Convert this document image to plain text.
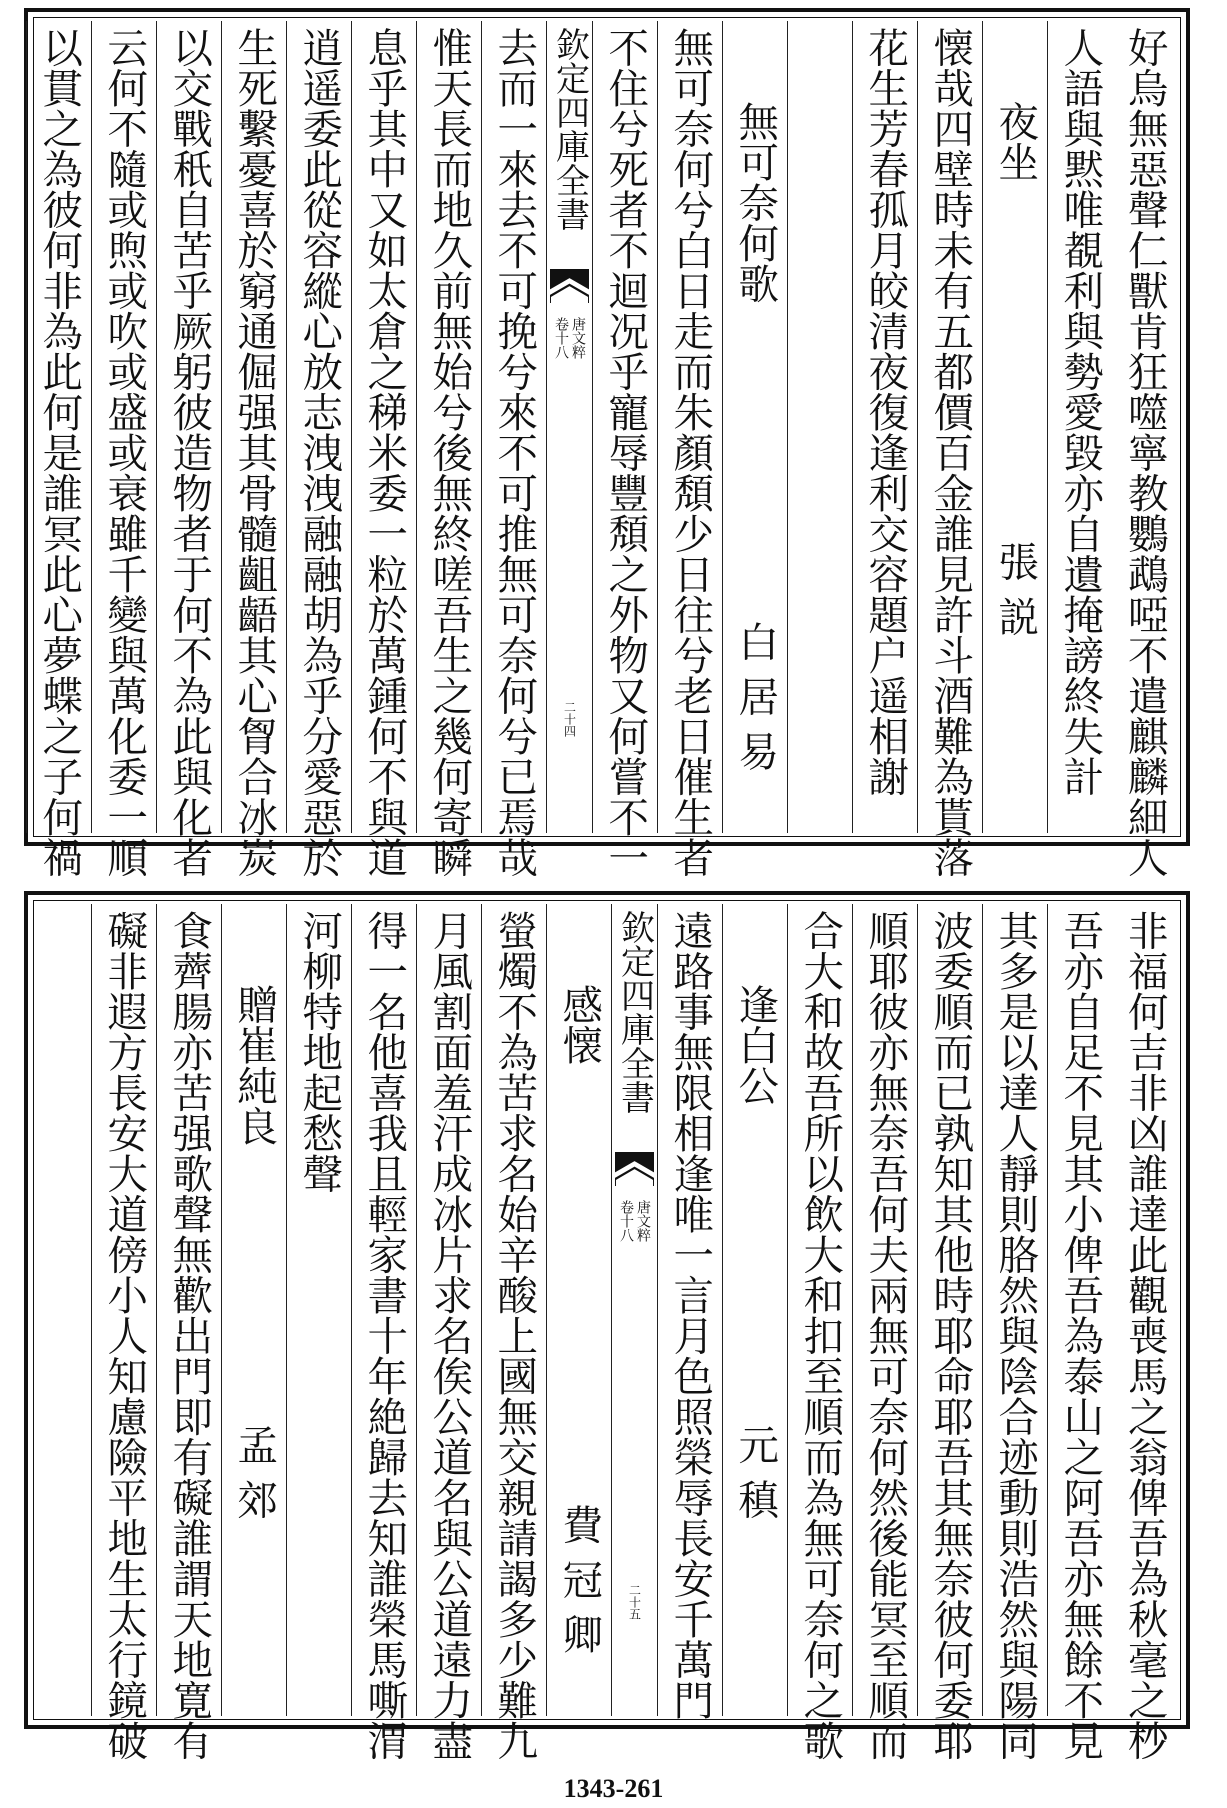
好烏無惡聲仁獸肯狂噬寧教鸚鵡啞不遣麒麟細人
人語與黙唯覩利與勢愛毀亦自遺掩謗終失計
夜坐
張説
懐哉四壁時未有五都價百金誰見許斗酒難為貰落
花生芳春孤月皎清夜復逢利交容題户遥相謝
無可奈何歌
白居易
無可奈何兮白日走而朱顏頽少日往兮老日催生者
不住兮死者不迴况乎寵辱豐頽之外物又何嘗不一
欽定四庫全書
唐文粹
卷十八
二十四
去而一來去不可挽兮來不可推無可奈何兮已焉哉
惟天長而地久前無始兮後無終嗟吾生之幾何寄瞬
息乎其中又如太倉之稊米委一粒於萬鍾何不與道
逍遥委此從容縱心放志洩洩融融胡為乎分愛惡於
生死繫憂喜於窮通倔强其骨髓齟齬其心胷合冰炭
以交戰秖自苦乎厥躬彼造物者于何不為此與化者
云何不隨或煦或吹或盛或衰雖千變與萬化委一順
以貫之為彼何非為此何是誰冥此心夢蝶之子何禍
非福何吉非凶誰達此觀喪馬之翁俾吾為秋毫之杪
吾亦自足不見其小俾吾為泰山之阿吾亦無餘不見
其多是以達人靜則胳然與陰合迹動則浩然與陽同
波委順而已孰知其他時耶命耶吾其無奈彼何委耶
順耶彼亦無奈吾何夫兩無可奈何然後能冥至順而
合大和故吾所以飲大和扣至順而為無可奈何之歌
逢白公
元稹
遠路事無限相逢唯一言月色照榮辱長安千萬門
欽定四庫全書
唐文粹
卷十八
二十五
感懐
費冠卿
螢燭不為苦求名始辛酸上國無交親請謁多少難九
月風割面羞汗成冰片求名俟公道名與公道遠力盡
得一名他喜我且輕家書十年絶歸去知誰榮馬嘶渭
河柳特地起愁聲
贈崔純良
孟郊
食薺腸亦苦强歌聲無歡出門即有礙誰謂天地寛有
礙非遐方長安大道傍小人知慮險平地生太行鏡破
1343-261
